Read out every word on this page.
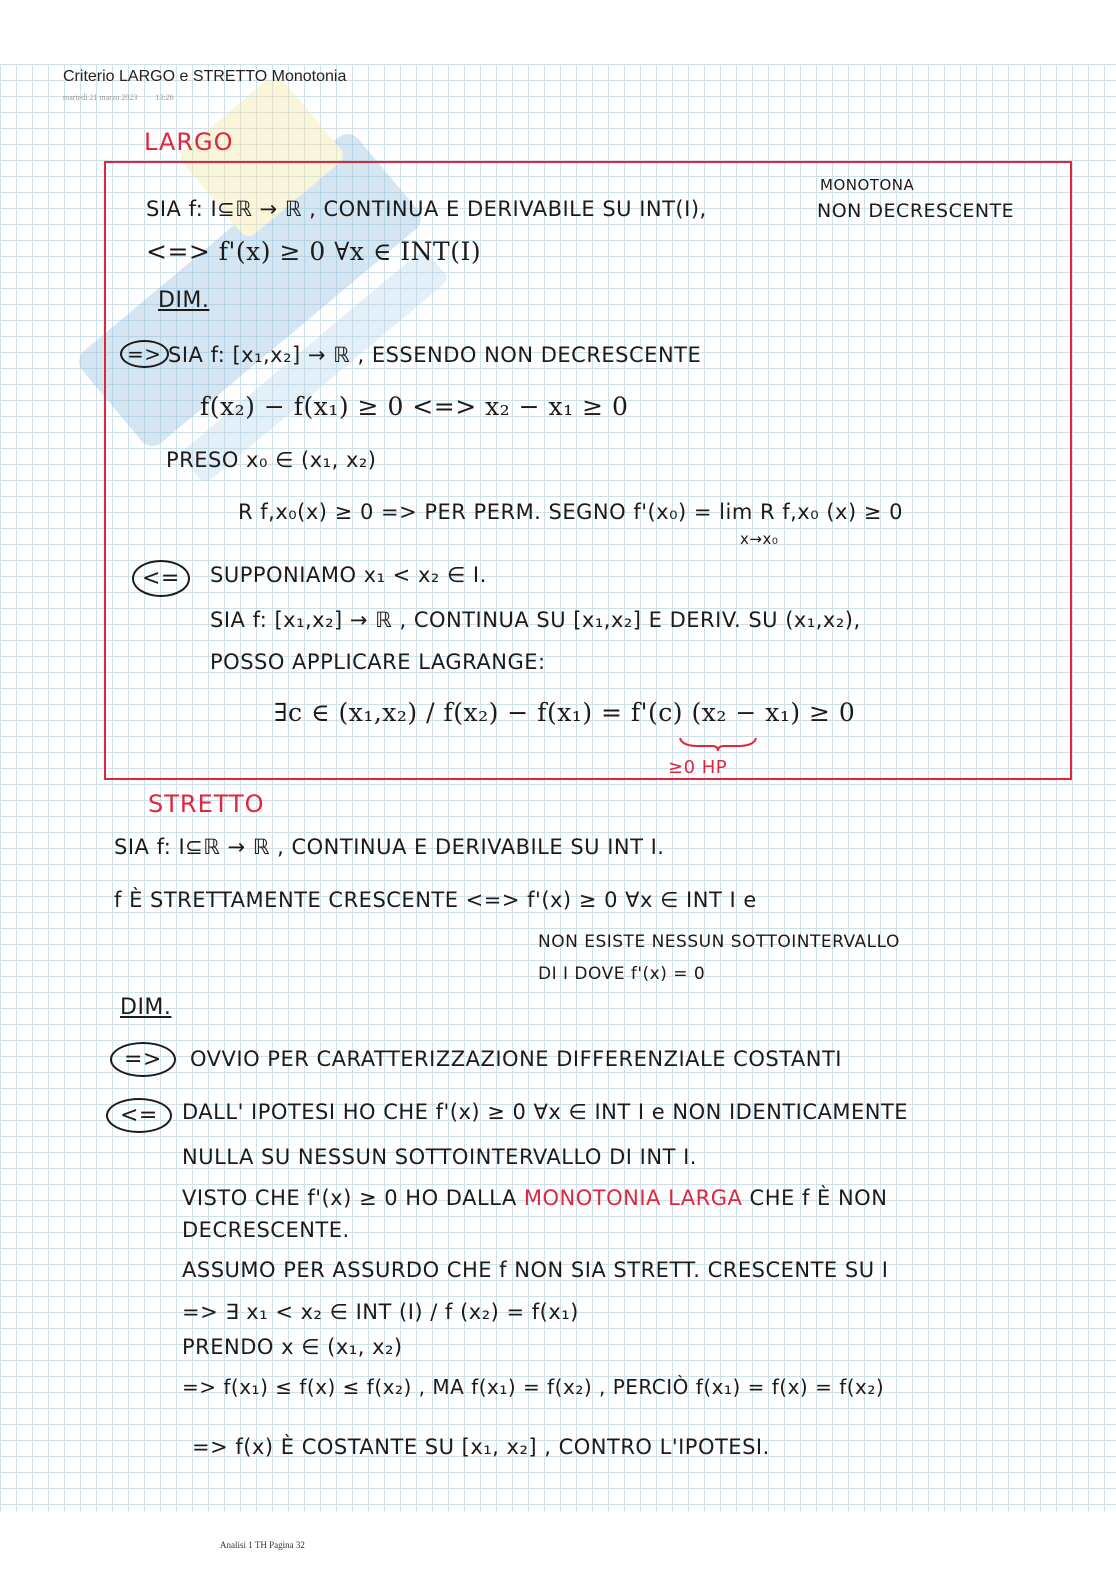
Criterio LARGO e STRETTO Monotonia
martedì 21 marzo 2023 13:26
LARGO
MONOTONA
SIA f: I⊆ℝ → ℝ , CONTINUA E DERIVABILE SU INT(I),	NON DECRESCENTE
<=> f'(x) ≥ 0 ∀x ∈ INT(I)
DIM.
=> SIA f: [x₁,x₂] → ℝ , ESSENDO NON DECRESCENTE
f(x₂) − f(x₁) ≥ 0 <=> x₂ − x₁ ≥ 0
PRESO x₀ ∈ (x₁, x₂)
R f,x₀(x) ≥ 0 => PER PERM. SEGNO f'(x₀) = lim R f,x₀ (x) ≥ 0
x→x₀
<=	SUPPONIAMO x₁ < x₂ ∈ I.
SIA f: [x₁,x₂] → ℝ , CONTINUA SU [x₁,x₂] E DERIV. SU (x₁,x₂),
POSSO APPLICARE LAGRANGE:
∃c ∈ (x₁,x₂) / f(x₂) − f(x₁) = f'(c) (x₂ − x₁) ≥ 0
≥0 HP
STRETTO
SIA f: I⊆ℝ → ℝ , CONTINUA E DERIVABILE SU INT I.
f È STRETTAMENTE CRESCENTE <=> f'(x) ≥ 0 ∀x ∈ INT I e
NON ESISTE NESSUN SOTTOINTERVALLO
DI I DOVE f'(x) = 0
DIM.
=>	OVVIO PER CARATTERIZZAZIONE DIFFERENZIALE COSTANTI
<=	DALL' IPOTESI HO CHE f'(x) ≥ 0 ∀x ∈ INT I e NON IDENTICAMENTE
NULLA SU NESSUN SOTTOINTERVALLO DI INT I.
VISTO CHE f'(x) ≥ 0 HO DALLA MONOTONIA LARGA CHE f È NON
DECRESCENTE.
ASSUMO PER ASSURDO CHE f NON SIA STRETT. CRESCENTE SU I
=> ∃ x₁ < x₂ ∈ INT (I) / f (x₂) = f(x₁)
PRENDO x ∈ (x₁, x₂)
=> f(x₁) ≤ f(x) ≤ f(x₂) , MA f(x₁) = f(x₂) , PERCIÒ f(x₁) = f(x) = f(x₂)
=> f(x) È COSTANTE SU [x₁, x₂] , CONTRO L'IPOTESI.
Analisi 1 TH Pagina 32
